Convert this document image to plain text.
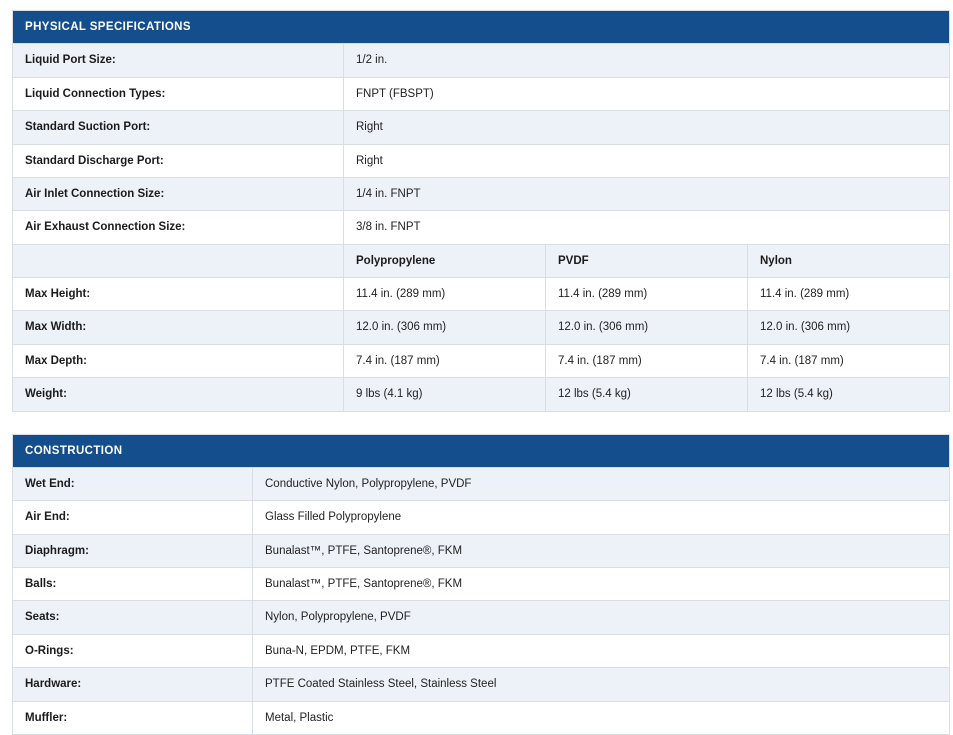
PHYSICAL SPECIFICATIONS			
Liquid Port Size:	1/2 in.		
Liquid Connection Types:	FNPT (FBSPT)		
Standard Suction Port:	Right		
Standard Discharge Port:	Right		
Air Inlet Connection Size:	1/4 in. FNPT		
Air Exhaust Connection Size:	3/8 in. FNPT		
	Polypropylene	PVDF	Nylon
Max Height:	11.4 in. (289 mm)	11.4 in. (289 mm)	11.4 in. (289 mm)
Max Width:	12.0 in. (306 mm)	12.0 in. (306 mm)	12.0 in. (306 mm)
Max Depth:	7.4 in. (187 mm)	7.4 in. (187 mm)	7.4 in. (187 mm)
Weight:	9 lbs (4.1 kg)	12 lbs (5.4 kg)	12 lbs (5.4 kg)
CONSTRUCTION	
Wet End:	Conductive Nylon, Polypropylene, PVDF
Air End:	Glass Filled Polypropylene
Diaphragm:	Bunalast™, PTFE, Santoprene®, FKM
Balls:	Bunalast™, PTFE, Santoprene®, FKM
Seats:	Nylon, Polypropylene, PVDF
O-Rings:	Buna-N, EPDM, PTFE, FKM
Hardware:	PTFE Coated Stainless Steel, Stainless Steel
Muffler:	Metal, Plastic
